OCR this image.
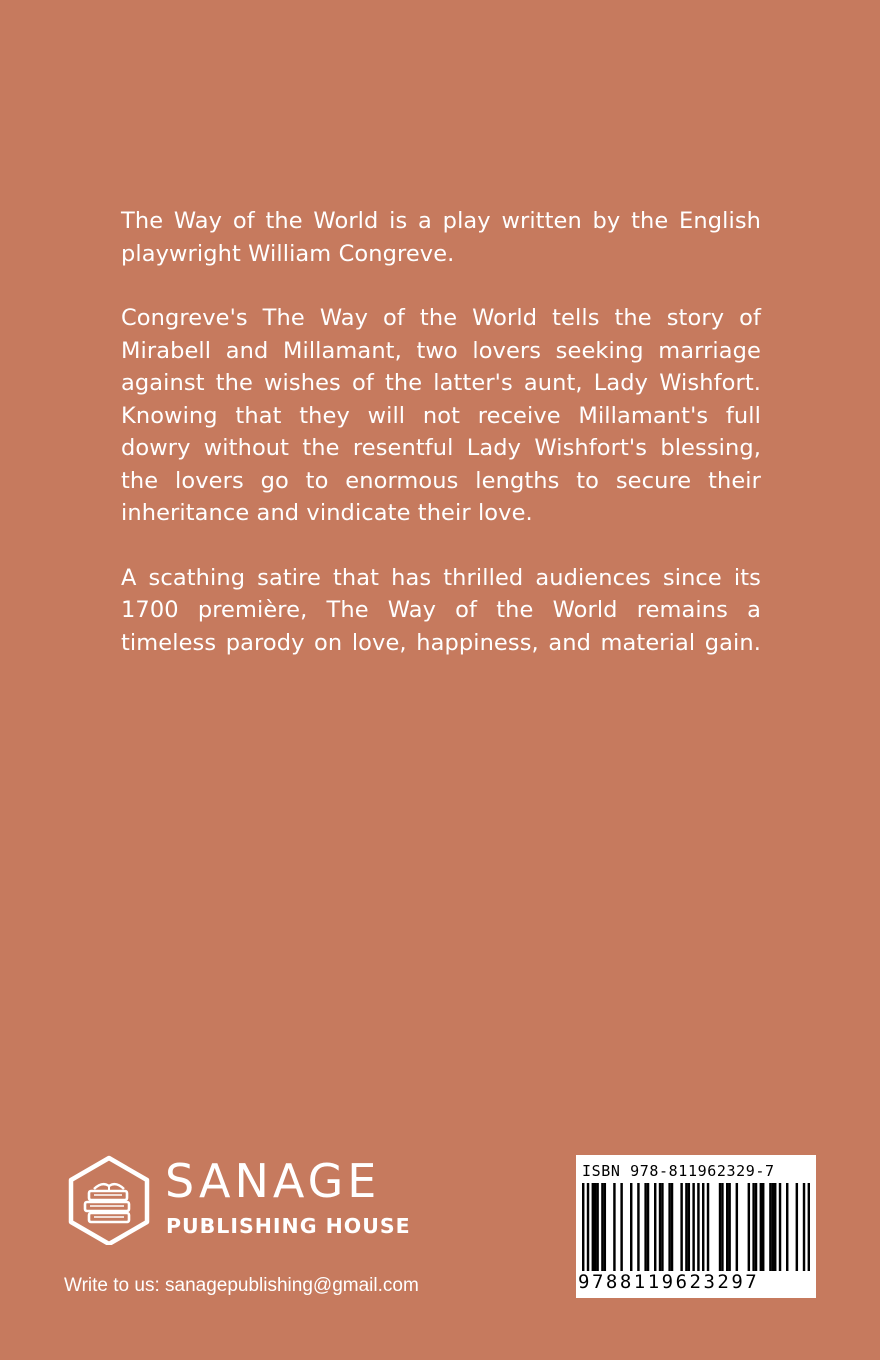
The Way of the World is a play written by the English playwright William Congreve.

Congreve's The Way of the World tells the story of Mirabell and Millamant, two lovers seeking marriage against the wishes of the latter's aunt, Lady Wishfort. Knowing that they will not receive Millamant's full dowry without the resentful Lady Wishfort's blessing, the lovers go to enormous lengths to secure their inheritance and vindicate their love.

A scathing satire that has thrilled audiences since its 1700 première, The Way of the World remains a timeless parody on love, happiness, and material gain.

SANAGE
PUBLISHING HOUSE
Write to us: sanagepublishing@gmail.com
ISBN 978-811962329-7
9788119623297
